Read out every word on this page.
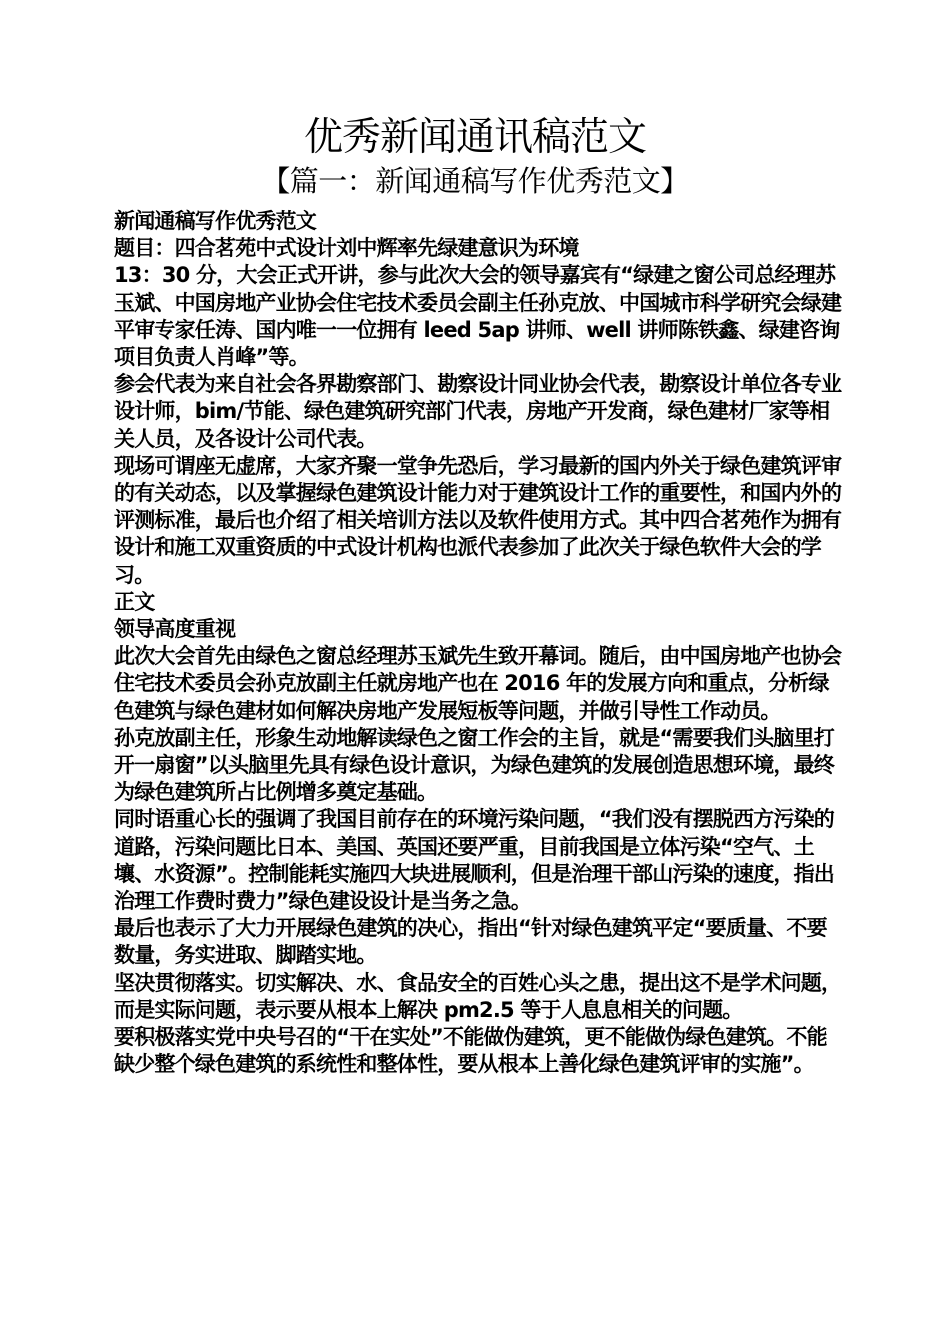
优秀新闻通讯稿范文
【篇一：新闻通稿写作优秀范文】

新闻通稿写作优秀范文

题目：四合茗苑中式设计刘中辉率先绿建意识为环境

13：30 分，大会正式开讲，参与此次大会的领导嘉宾有“绿建之窗公司总经理苏玉斌、中国房地产业协会住宅技术委员会副主任孙克放、中国城市科学研究会绿建平审专家任涛、国内唯一一位拥有 leed 5ap 讲师、well 讲师陈铁鑫、绿建咨询项目负责人肖峰”等。

参会代表为来自社会各界勘察部门、勘察设计同业协会代表，勘察设计单位各专业设计师，bim/节能、绿色建筑研究部门代表，房地产开发商，绿色建材厂家等相关人员，及各设计公司代表。

现场可谓座无虚席，大家齐聚一堂争先恐后，学习最新的国内外关于绿色建筑评审的有关动态，以及掌握绿色建筑设计能力对于建筑设计工作的重要性，和国内外的评测标准，最后也介绍了相关培训方法以及软件使用方式。其中四合茗苑作为拥有设计和施工双重资质的中式设计机构也派代表参加了此次关于绿色软件大会的学习。

正文

领导高度重视

此次大会首先由绿色之窗总经理苏玉斌先生致开幕词。随后，由中国房地产也协会住宅技术委员会孙克放副主任就房地产也在 2016 年的发展方向和重点，分析绿色建筑与绿色建材如何解决房地产发展短板等问题，并做引导性工作动员。

孙克放副主任，形象生动地解读绿色之窗工作会的主旨，就是“需要我们头脑里打开一扇窗”以头脑里先具有绿色设计意识，为绿色建筑的发展创造思想环境，最终为绿色建筑所占比例增多奠定基础。

同时语重心长的强调了我国目前存在的环境污染问题，“我们没有摆脱西方污染的道路，污染问题比日本、美国、英国还要严重，目前我国是立体污染“空气、土壤、水资源”。控制能耗实施四大块进展顺利，但是治理干部山污染的速度，指出治理工作费时费力”绿色建设设计是当务之急。

最后也表示了大力开展绿色建筑的决心，指出“针对绿色建筑平定“要质量、不要数量，务实进取、脚踏实地。

坚决贯彻落实。切实解决、水、食品安全的百姓心头之患，提出这不是学术问题，而是实际问题，表示要从根本上解决 pm2.5 等于人息息相关的问题。

要积极落实党中央号召的“干在实处”不能做伪建筑，更不能做伪绿色建筑。不能缺少整个绿色建筑的系统性和整体性，要从根本上善化绿色建筑评审的实施”。
